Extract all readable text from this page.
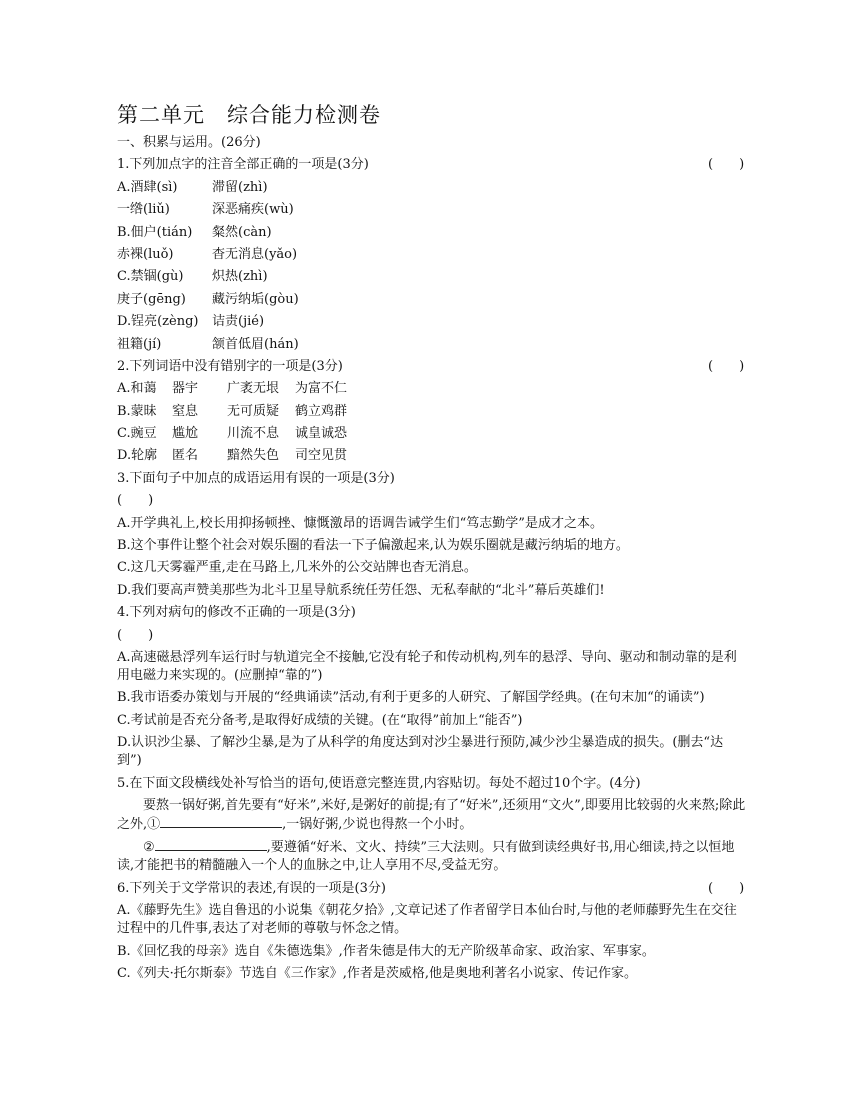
第二单元　综合能力检测卷
一、积累与运用。(26分)
1.下列加点字的注音全部正确的一项是(3分)	(　　)
A.酒肆(sì)	滞留(zhì)
一绺(liǔ)	深恶痛疾(wù)
B.佃户(tián) 粲然(càn)
赤裸(luǒ)	杳无消息(yǎo)
C.禁锢(gù) 炽热(zhì)
庚子(gēng) 藏污纳垢(gòu)
D.锃亮(zèng) 诘责(jié)
祖籍(jí)	颔首低眉(hán)
2.下列词语中没有错别字的一项是(3分)	(　　)
A.和蔼 器宇 广袤无垠 为富不仁
B.蒙昧 窒息 无可质疑 鹤立鸡群
C.豌豆 尴尬 川流不息 诚皇诚恐
D.轮廓 匿名 黯然失色 司空见贯
3.下面句子中加点的成语运用有误的一项是(3分)
(　　)
A.开学典礼上,校长用抑扬顿挫、慷慨激昂的语调告诫学生们“笃志勤学”是成才之本。
B.这个事件让整个社会对娱乐圈的看法一下子偏激起来,认为娱乐圈就是藏污纳垢的地方。
C.这几天雾霾严重,走在马路上,几米外的公交站牌也杳无消息。
D.我们要高声赞美那些为北斗卫星导航系统任劳任怨、无私奉献的“北斗”幕后英雄们!
4.下列对病句的修改不正确的一项是(3分)
(　　)
A.高速磁悬浮列车运行时与轨道完全不接触,它没有轮子和传动机构,列车的悬浮、导向、驱动和制动靠的是利用电磁力来实现的。(应删掉“靠的”)
B.我市语委办策划与开展的“经典诵读”活动,有利于更多的人研究、了解国学经典。(在句末加“的诵读”)
C.考试前是否充分备考,是取得好成绩的关键。(在“取得”前加上“能否”)
D.认识沙尘暴、了解沙尘暴,是为了从科学的角度达到对沙尘暴进行预防,减少沙尘暴造成的损失。(删去“达到”)
5.在下面文段横线处补写恰当的语句,使语意完整连贯,内容贴切。每处不超过10个字。(4分)
要熬一锅好粥,首先要有“好米”,米好,是粥好的前提;有了“好米”,还须用“文火”,即要用比较弱的火来熬;除此之外,①	,一锅好粥,少说也得熬一个小时。
②	,要遵循“好米、文火、持续”三大法则。只有做到读经典好书,用心细读,持之以恒地读,才能把书的精髓融入一个人的血脉之中,让人享用不尽,受益无穷。
6.下列关于文学常识的表述,有误的一项是(3分)	(　　)
A.《藤野先生》选自鲁迅的小说集《朝花夕拾》,文章记述了作者留学日本仙台时,与他的老师藤野先生在交往过程中的几件事,表达了对老师的尊敬与怀念之情。
B.《回忆我的母亲》选自《朱德选集》,作者朱德是伟大的无产阶级革命家、政治家、军事家。
C.《列夫·托尔斯泰》节选自《三作家》,作者是茨威格,他是奥地利著名小说家、传记作家。
